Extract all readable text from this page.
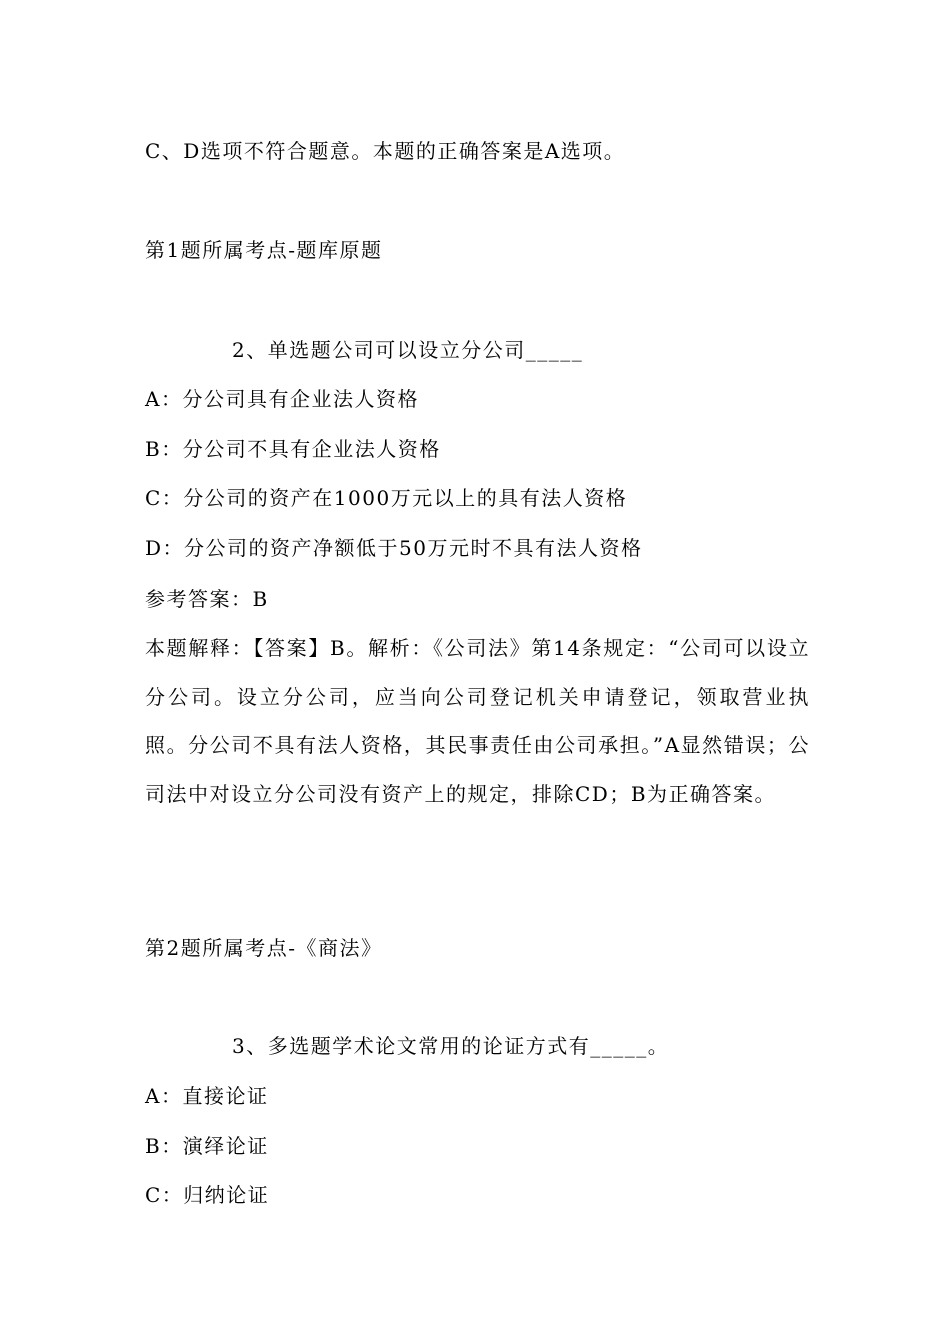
C、D选项不符合题意。本题的正确答案是A选项。
第1题所属考点-题库原题
2、单选题公司可以设立分公司_____
A：分公司具有企业法人资格
B：分公司不具有企业法人资格
C：分公司的资产在1000万元以上的具有法人资格
D：分公司的资产净额低于50万元时不具有法人资格
参考答案：B
本题解释：【答案】B。解析：《公司法》第14条规定：“公司可以设立分公司。设立分公司，应当向公司登记机关申请登记，领取营业执照。分公司不具有法人资格，其民事责任由公司承担。”A显然错误；公司法中对设立分公司没有资产上的规定，排除CD；B为正确答案。
第2题所属考点-《商法》
3、多选题学术论文常用的论证方式有_____。
A：直接论证
B：演绎论证
C：归纳论证
